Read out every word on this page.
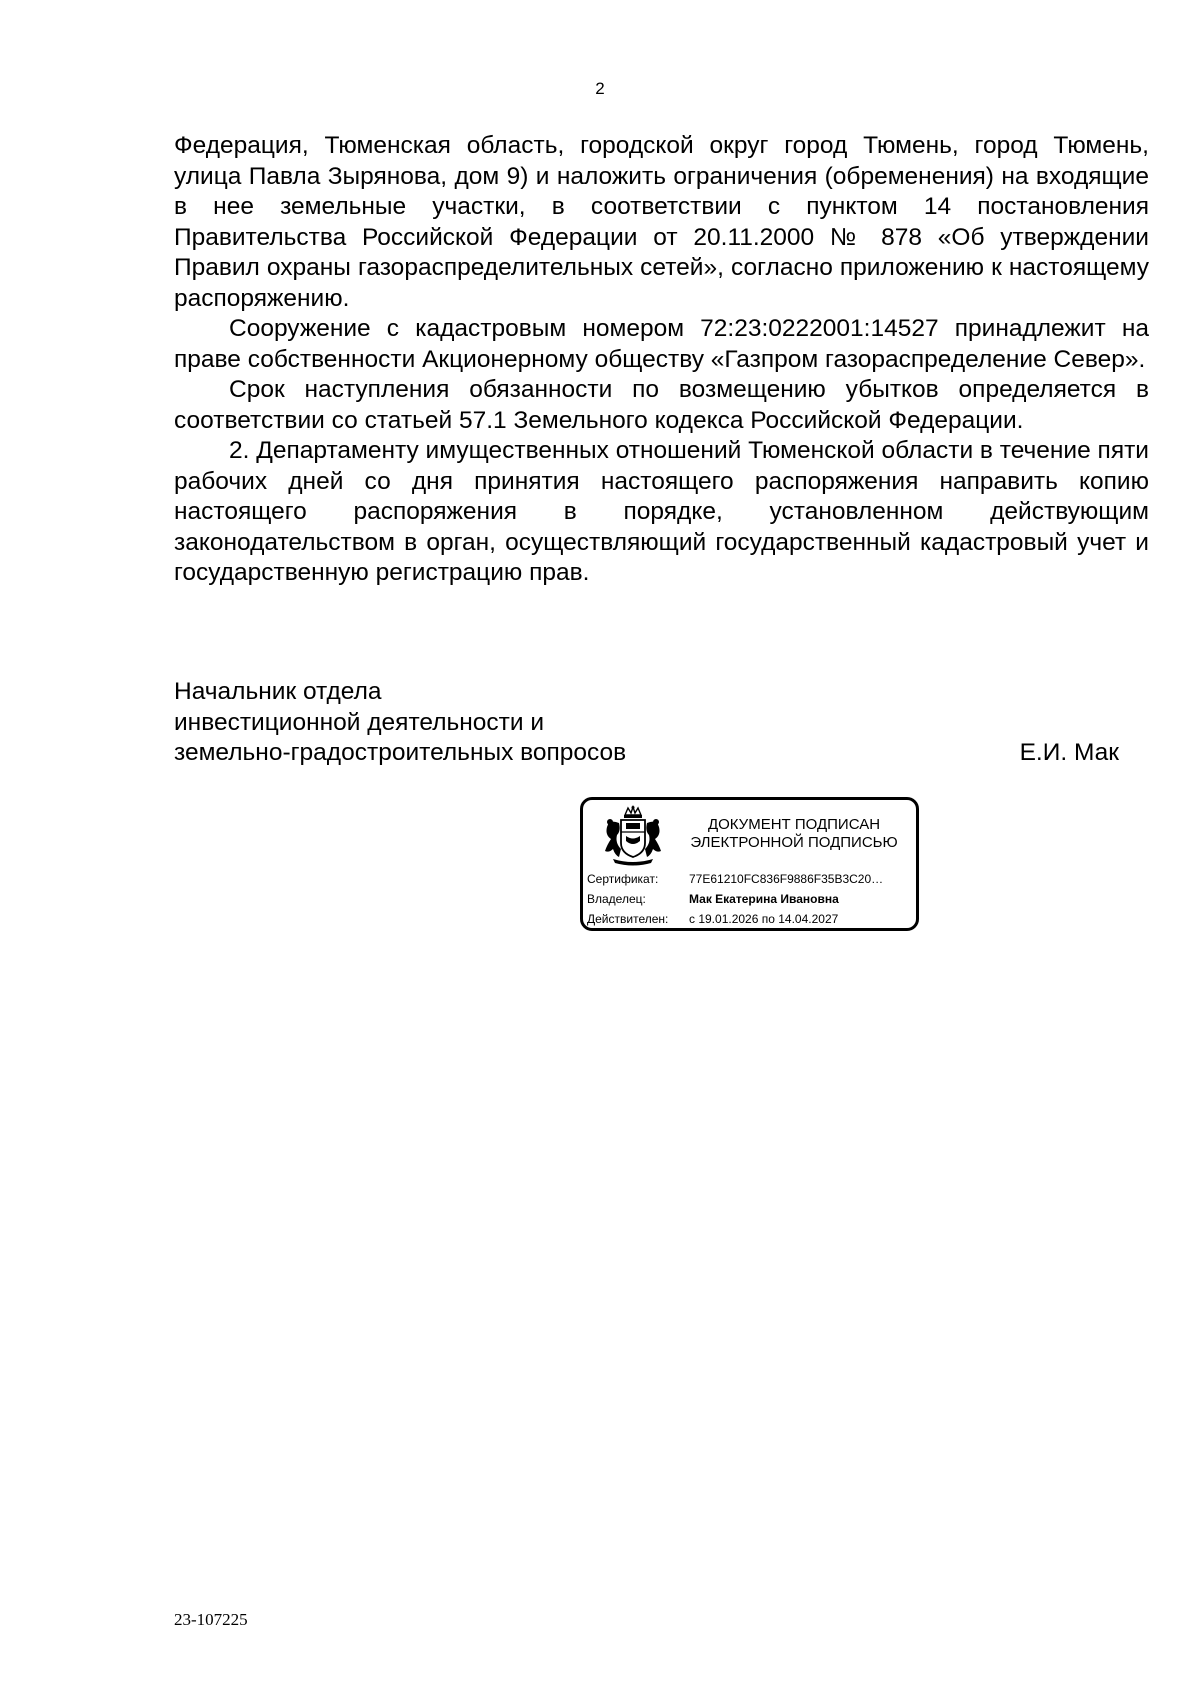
2

Федерация, Тюменская область, городской округ город Тюмень, город Тюмень, улица Павла Зырянова, дом 9) и наложить ограничения (обременения) на входящие в нее земельные участки, в соответствии с пунктом 14 постановления Правительства Российской Федерации от 20.11.2000 № 878 «Об утверждении Правил охраны газораспределительных сетей», согласно приложению к настоящему распоряжению.

Сооружение с кадастровым номером 72:23:0222001:14527 принадлежит на праве собственности Акционерному обществу «Газпром газораспределение Север».

Срок наступления обязанности по возмещению убытков определяется в соответствии со статьей 57.1 Земельного кодекса Российской Федерации.

2. Департаменту имущественных отношений Тюменской области в течение пяти рабочих дней со дня принятия настоящего распоряжения направить копию настоящего распоряжения в порядке, установленном действующим законодательством в орган, осуществляющий государственный кадастровый учет и государственную регистрацию прав.

Начальник отдела
инвестиционной деятельности и
земельно-градостроительных вопросов	Е.И. Мак
ДОКУМЕНТ ПОДПИСАН
ЭЛЕКТРОННОЙ ПОДПИСЬЮ
Сертификат:	77E61210FC836F9886F35B3C20…
Владелец:	Мак Екатерина Ивановна
Действителен:	с 19.01.2026 по 14.04.2027
23-107225
